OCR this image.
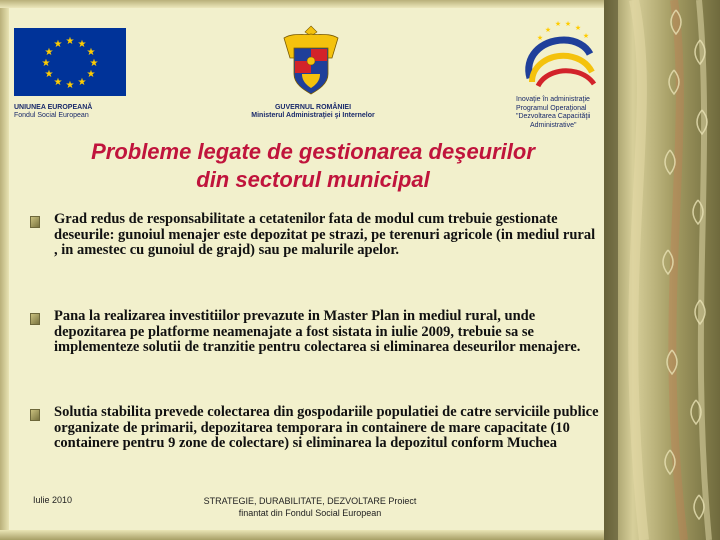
★ ★
★
★
★
★
★
★
★
★
★
★
UNIUNEA EUROPEANĂ
Fondul Social European
GUVERNUL ROMÂNIEI
Ministerul Administraţiei şi Internelor
★
★ ★ ★
★	★
Inovaţie în administraţie
Programul Operaţional
"Dezvoltarea Capacităţii
Administrative"
Probleme legate de gestionarea deşeurilor
din sectorul municipal
Grad redus de responsabilitate a cetatenilor fata de modul cum trebuie gestionate deseurile: gunoiul menajer este depozitat pe strazi, pe terenuri agricole (in mediul rural , in amestec cu gunoiul de grajd) sau pe malurile apelor.
Pana la realizarea investitiilor prevazute in Master Plan in mediul rural, unde depozitarea pe platforme neamenajate a fost sistata in iulie 2009, trebuie sa se implementeze solutii de tranzitie pentru colectarea si eliminarea deseurilor menajere.
Solutia stabilita prevede colectarea din gospodariile populatiei de catre serviciile publice organizate de primarii, depozitarea temporara in containere de mare capacitate (10 containere pentru 9 zone de colectare) si eliminarea la depozitul conform Muchea
Iulie 2010	STRATEGIE, DURABILITATE, DEZVOLTARE Proiect
finantat din Fondul Social European
